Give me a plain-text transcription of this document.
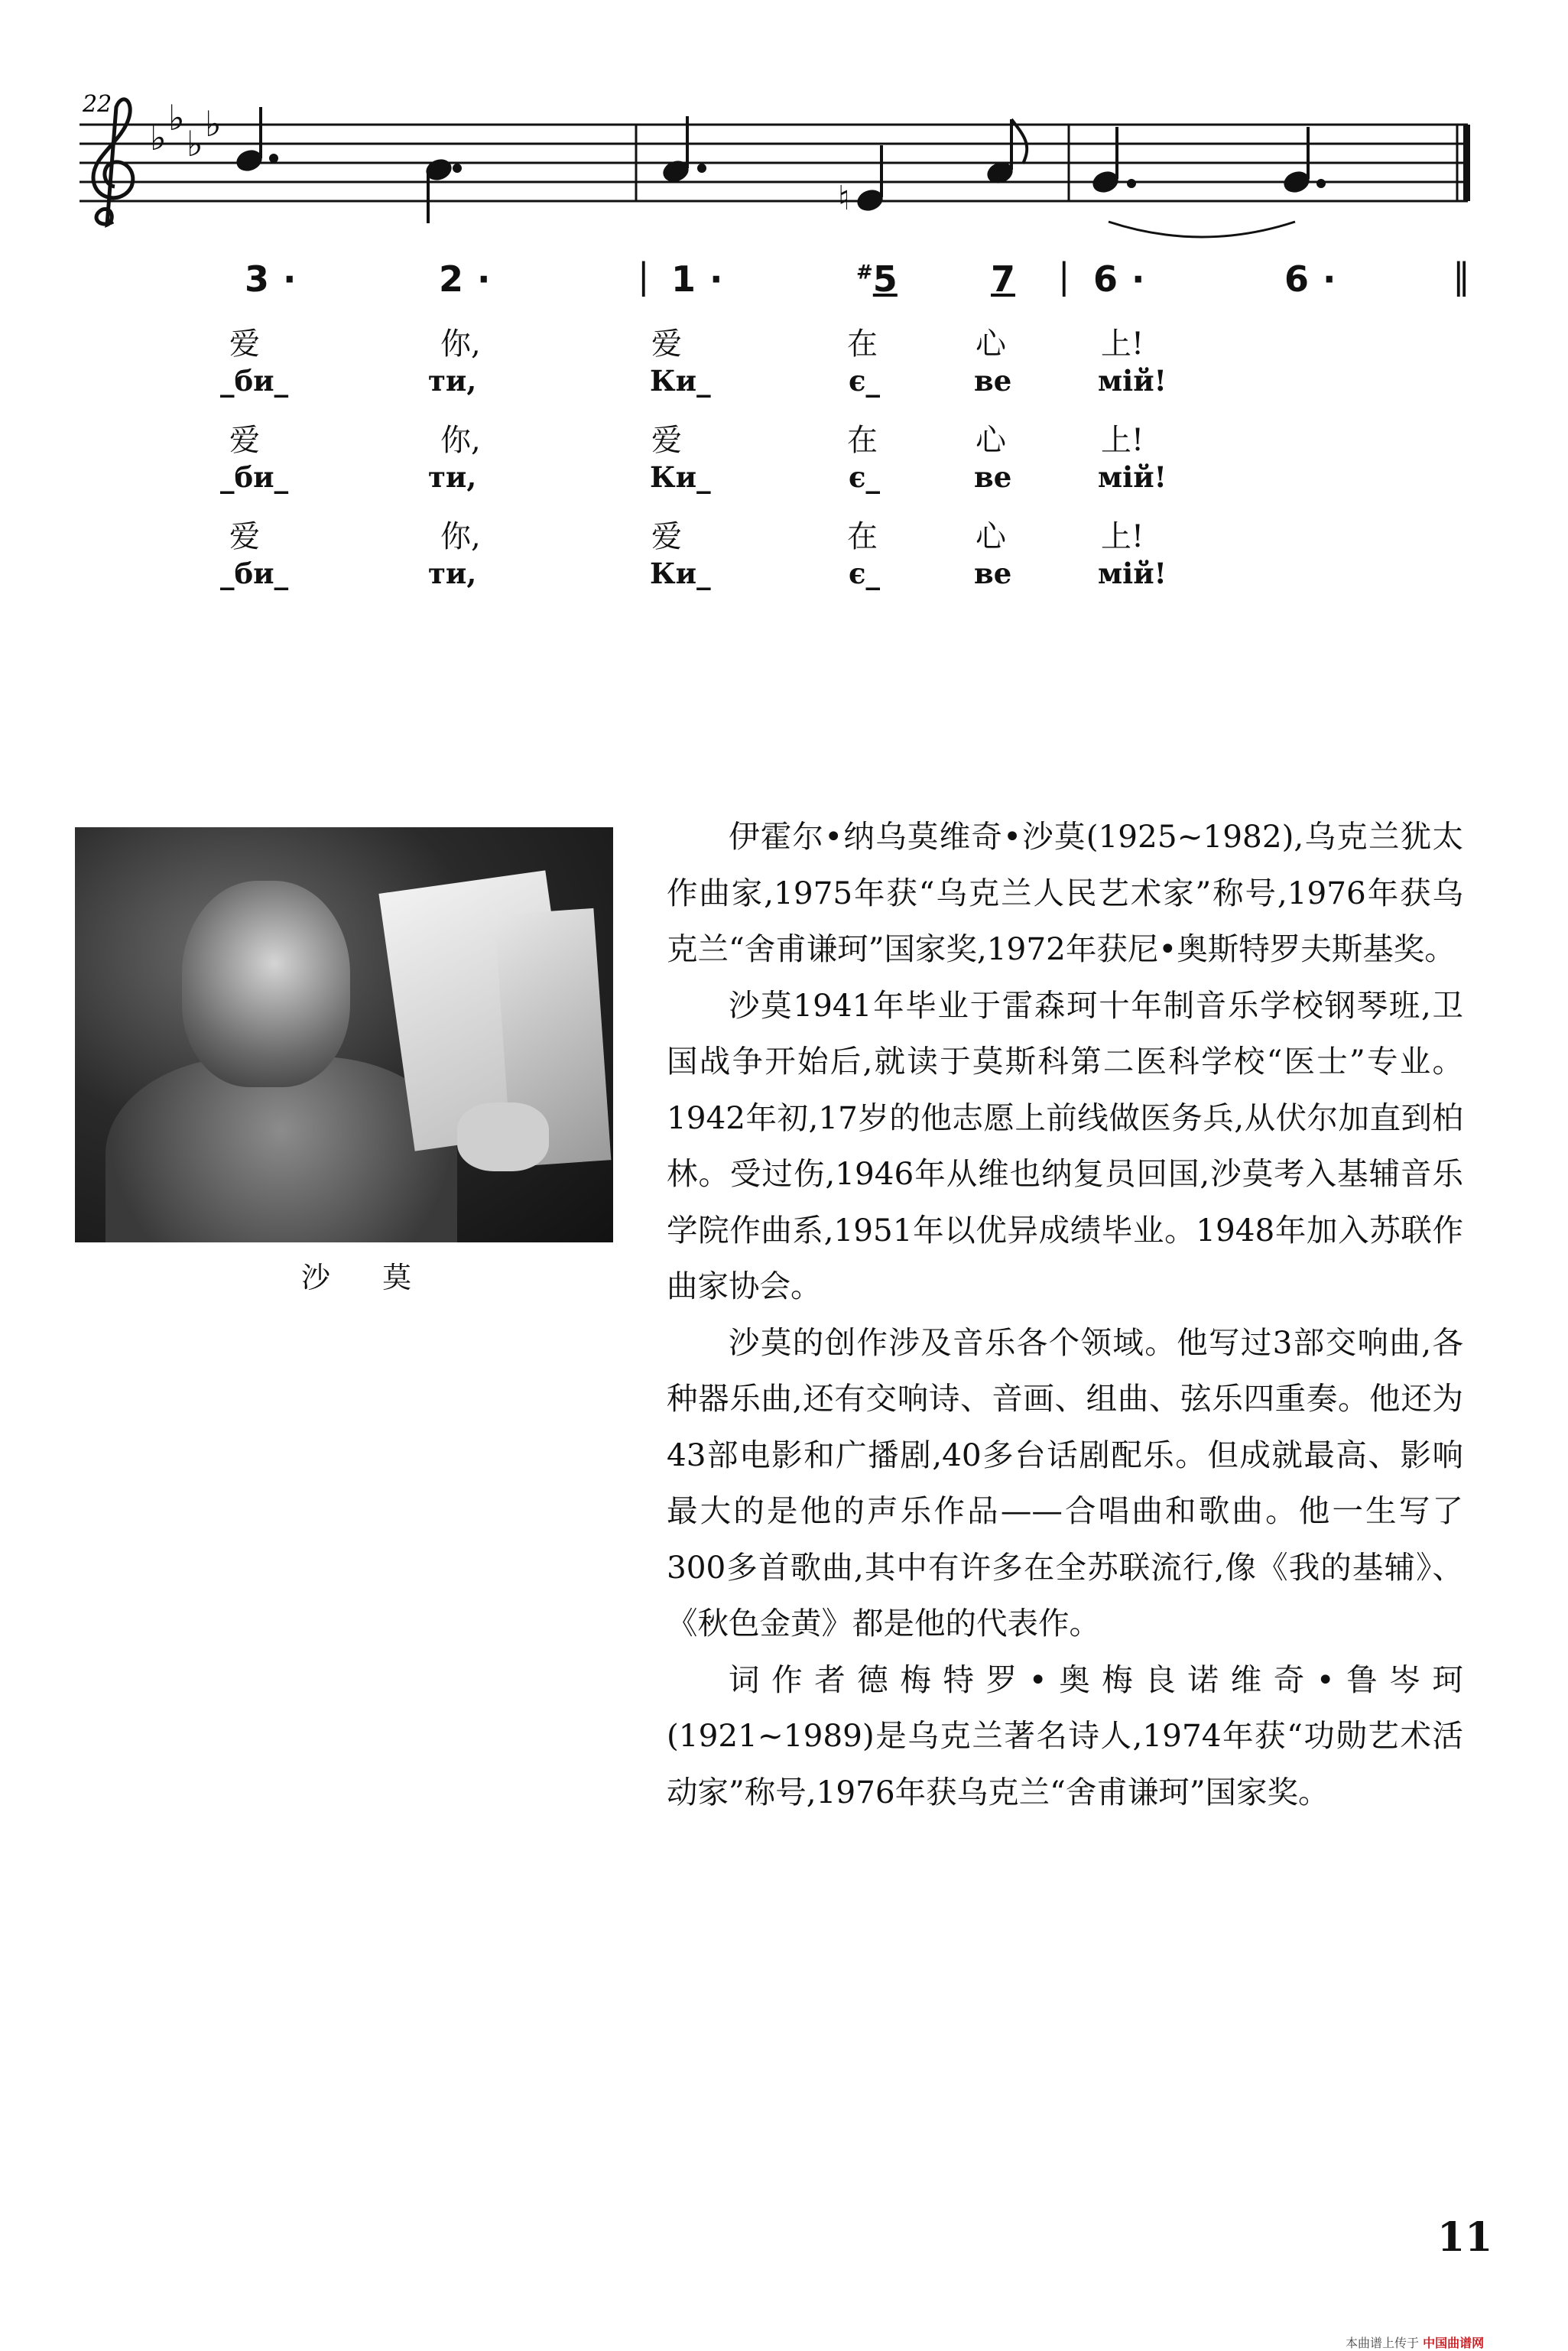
22
♭ ♭
♭ ♭
♮
3 ·	2 ·	| 1 ·	#5	7 | 6 ·	6 ·	‖
爱	你,	爱	在	心	上!
_би_	ти,	Ки_	є_	ве	мій!
爱	你,	爱	在	心	上!
_би_	ти,	Ки_	є_	ве	мій!
爱	你,	爱	在	心	上!
_би_	ти,	Ки_	є_	ве	мій!
沙 莫

伊霍尔•纳乌莫维奇•沙莫(1925~1982),乌克兰犹太作曲家,1975年获“乌克兰人民艺术家”称号,1976年获乌克兰“舍甫谦珂”国家奖,1972年获尼•奥斯特罗夫斯基奖。

沙莫1941年毕业于雷森珂十年制音乐学校钢琴班,卫国战争开始后,就读于莫斯科第二医科学校“医士”专业。1942年初,17岁的他志愿上前线做医务兵,从伏尔加直到柏林。受过伤,1946年从维也纳复员回国,沙莫考入基辅音乐学院作曲系,1951年以优异成绩毕业。1948年加入苏联作曲家协会。

沙莫的创作涉及音乐各个领域。他写过3部交响曲,各种器乐曲,还有交响诗、音画、组曲、弦乐四重奏。他还为43部电影和广播剧,40多台话剧配乐。但成就最高、影响最大的是他的声乐作品——合唱曲和歌曲。他一生写了300多首歌曲,其中有许多在全苏联流行,像《我的基辅》、《秋色金黄》都是他的代表作。

词作者德梅特罗•奥梅良诺维奇•鲁岑珂(1921~1989)是乌克兰著名诗人,1974年获“功勋艺术活动家”称号,1976年获乌克兰“舍甫谦珂”国家奖。

11
本曲谱上传于 中国曲谱网
